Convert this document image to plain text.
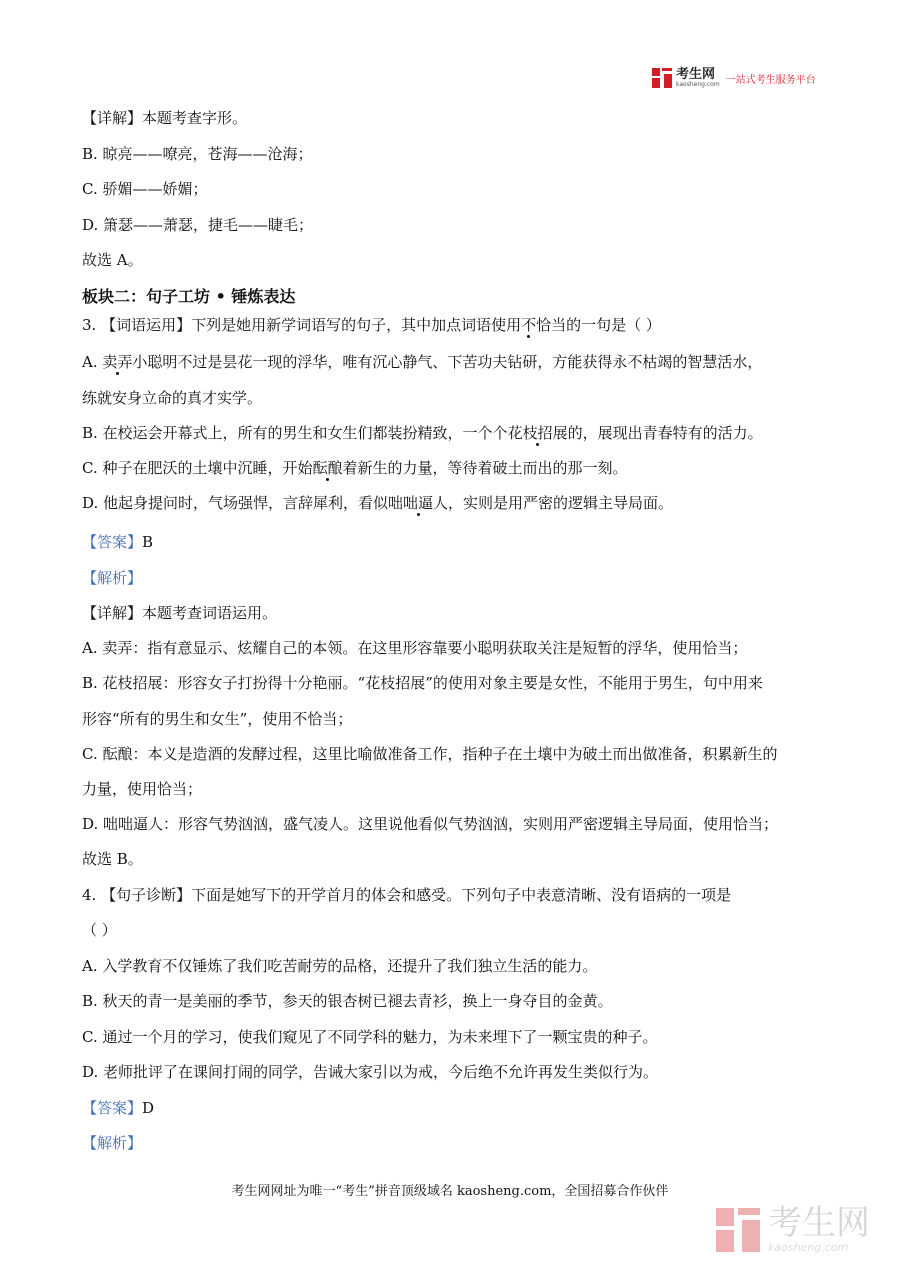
考生网
kaosheng.com 一站式考生服务平台
【详解】本题考查字形。
B. 晾亮——嘹亮，苍海——沧海；
C. 骄媚——娇媚；
D. 箫瑟——萧瑟，捷毛——睫毛；
故选 A。
板块二：句子工坊 • 锤炼表达
3. 【词语运用】下列是她用新学词语写的句子，其中加点词语使用不恰当的一句是（ ）
A. 卖弄小聪明不过是昙花一现的浮华，唯有沉心静气、下苦功夫钻研，方能获得永不枯竭的智慧活水，
练就安身立命的真才实学。
B. 在校运会开幕式上，所有的男生和女生们都装扮精致，一个个花枝招展的，展现出青春特有的活力。
C. 种子在肥沃的土壤中沉睡，开始酝酿着新生的力量，等待着破土而出的那一刻。
D. 他起身提问时，气场强悍，言辞犀利，看似咄咄逼人，实则是用严密的逻辑主导局面。
【答案】B
【解析】
【详解】本题考查词语运用。
A. 卖弄：指有意显示、炫耀自己的本领。在这里形容靠要小聪明获取关注是短暂的浮华，使用恰当；
B. 花枝招展：形容女子打扮得十分艳丽。“花枝招展”的使用对象主要是女性，不能用于男生，句中用来
形容“所有的男生和女生”，使用不恰当；
C. 酝酿：本义是造酒的发酵过程，这里比喻做准备工作，指种子在土壤中为破土而出做准备，积累新生的
力量，使用恰当；
D. 咄咄逼人：形容气势汹汹，盛气凌人。这里说他看似气势汹汹，实则用严密逻辑主导局面，使用恰当；
故选 B。
4. 【句子诊断】下面是她写下的开学首月的体会和感受。下列句子中表意清晰、没有语病的一项是
（ ）
A. 入学教育不仅锤炼了我们吃苦耐劳的品格，还提升了我们独立生活的能力。
B. 秋天的青一是美丽的季节，参天的银杏树已褪去青衫，换上一身夺目的金黄。
C. 通过一个月的学习，使我们窥见了不同学科的魅力，为未来埋下了一颗宝贵的种子。
D. 老师批评了在课间打闹的同学，告诫大家引以为戒，今后绝不允许再发生类似行为。
【答案】D
【解析】
考生网网址为唯一“考生”拼音顶级域名 kaosheng.com，全国招募合作伙伴
考生网
kaosheng.com
